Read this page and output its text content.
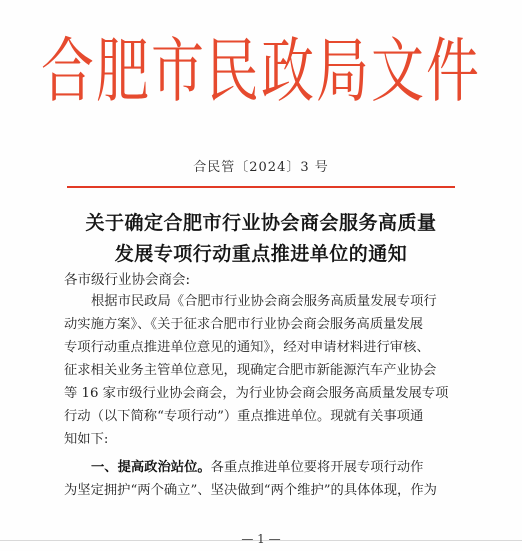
合肥市民政局文件
合民管〔2024〕3 号
关于确定合肥市行业协会商会服务高质量
发展专项行动重点推进单位的通知
各市级行业协会商会:
根据市民政局《合肥市行业协会商会服务高质量发展专项行
动实施方案》、《关于征求合肥市行业协会商会服务高质量发展
专项行动重点推进单位意见的通知》，经对申请材料进行审核、
征求相关业务主管单位意见，现确定合肥市新能源汽车产业协会
等 16 家市级行业协会商会，为行业协会商会服务高质量发展专项
行动（以下简称“专项行动”）重点推进单位。现就有关事项通
知如下:
一、提高政治站位。各重点推进单位要将开展专项行动作
为坚定拥护“两个确立”、坚决做到“两个维护”的具体体现，作为
— 1 —
